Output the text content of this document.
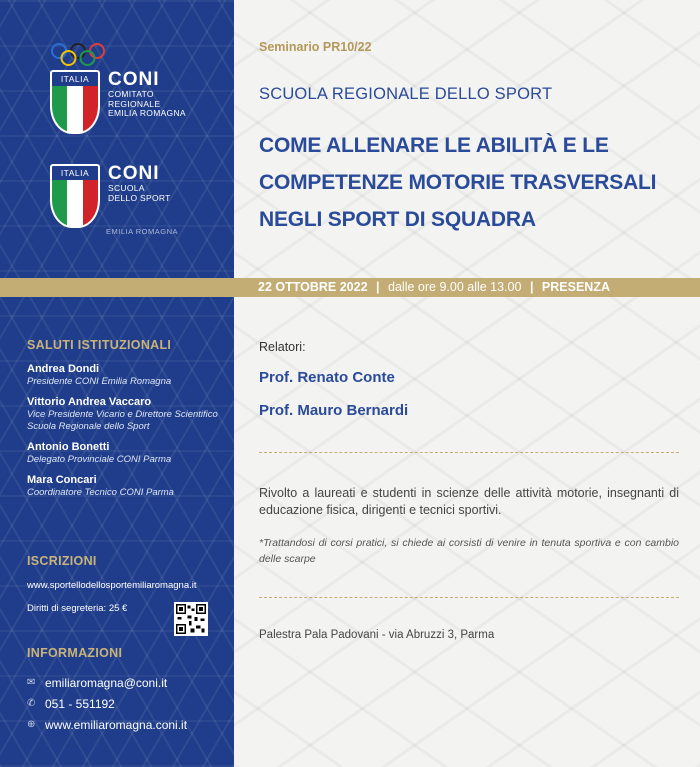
ITALIA CONI
COMITATO
REGIONALE
EMILIA ROMAGNA
ITALIA CONI
SCUOLA
DELLO SPORT
EMILIA ROMAGNA
SALUTI ISTITUZIONALI
Andrea Dondi
Presidente CONI Emilia Romagna
Vittorio Andrea Vaccaro
Vice Presidente Vicario e Direttore Scientifico Scuola Regionale dello Sport
Antonio Bonetti
Delegato Provinciale CONI Parma
Mara Concari
Coordinatore Tecnico CONI Parma
ISCRIZIONI
www.sportellodellosportemiliaromagna.it
Diritti di segreteria: 25 €
INFORMAZIONI
✉ emiliaromagna@coni.it
✆ 051 - 551192
⊕ www.emiliaromagna.coni.it
Seminario PR10/22
SCUOLA REGIONALE DELLO SPORT
COME ALLENARE LE ABILITÀ E LE
COMPETENZE MOTORIE TRASVERSALI
NEGLI SPORT DI SQUADRA
Relatori:
Prof. Renato Conte
Prof. Mauro Bernardi
Rivolto a laureati e studenti in scienze delle attività motorie, insegnanti di educazione fisica, dirigenti e tecnici sportivi.
*Trattandosi di corsi pratici, si chiede ai corsisti di venire in tenuta sportiva e con cambio delle scarpe
Palestra Pala Padovani - via Abruzzi 3, Parma
22 OTTOBRE 2022 | dalle ore 9.00 alle 13.00 | PRESENZA
